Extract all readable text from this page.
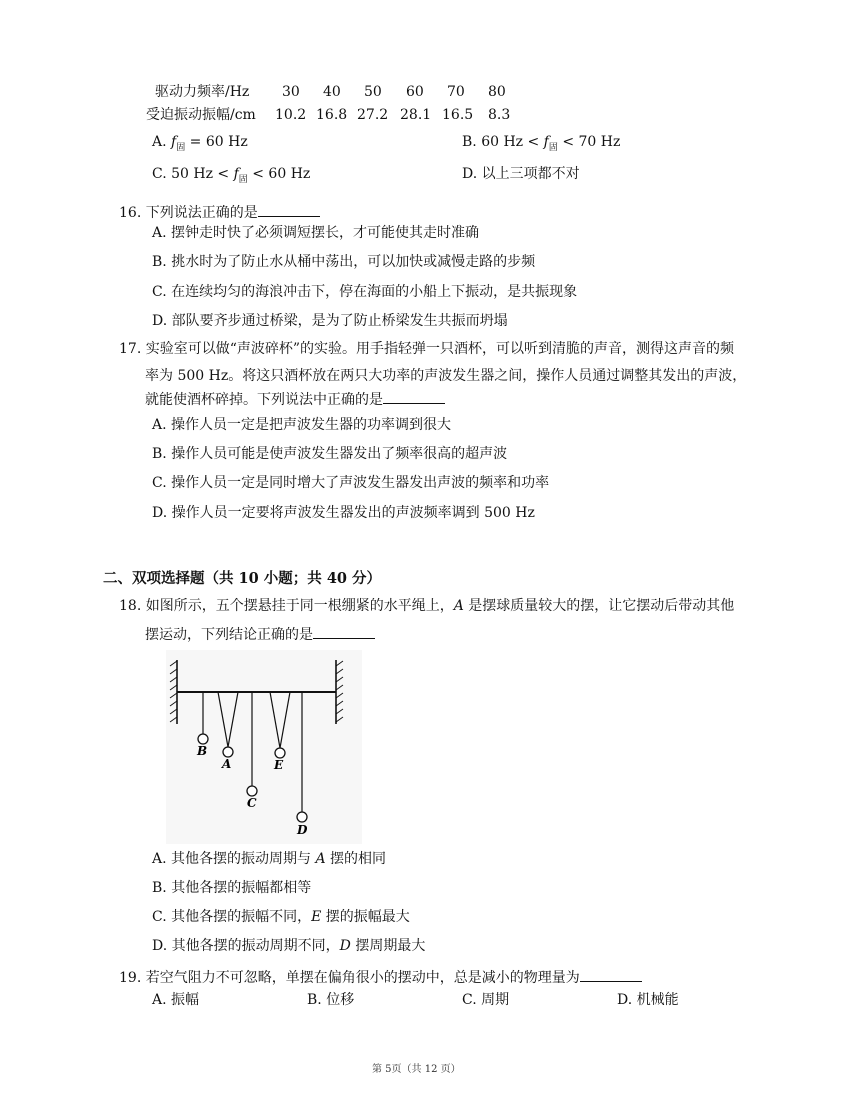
驱动力频率/Hz 30 40 50 60 70 80
受迫振动振幅/cm 10.2 16.8 27.2 28.1 16.5 8.3
A. $f_固 = 60$ Hz	B. 60 $Hz < f_固 < 70$ Hz
C. 50 $Hz < f_固 < 60$ Hz	D. 以上三项都不对
16. 下列说法正确的是
A. 摆钟走时快了必须调短摆长，才可能使其走时准确
B. 挑水时为了防止水从桶中荡出，可以加快或减慢走路的步频
C. 在连续均匀的海浪冲击下，停在海面的小船上下振动，是共振现象
D. 部队要齐步通过桥梁，是为了防止桥梁发生共振而坍塌
17. 实验室可以做“声波碎杯”的实验。用手指轻弹一只酒杯，可以听到清脆的声音，测得这声音的频
率为 500 Hz。将这只酒杯放在两只大功率的声波发生器之间，操作人员通过调整其发出的声波，
就能使酒杯碎掉。下列说法中正确的是
A. 操作人员一定是把声波发生器的功率调到很大
B. 操作人员可能是使声波发生器发出了频率很高的超声波
C. 操作人员一定是同时增大了声波发生器发出声波的频率和功率
D. 操作人员一定要将声波发生器发出的声波频率调到 500 Hz
二、双项选择题（共 10 小题；共 40 分）
18. 如图所示，五个摆悬挂于同一根绷紧的水平绳上，A 是摆球质量较大的摆，让它摆动后带动其他
摆运动，下列结论正确的是
B
A
C
E
D
A. 其他各摆的振动周期与 A 摆的相同
B. 其他各摆的振幅都相等
C. 其他各摆的振幅不同，E 摆的振幅最大
D. 其他各摆的振动周期不同，D 摆周期最大
19. 若空气阻力不可忽略，单摆在偏角很小的摆动中，总是减小的物理量为
A. 振幅	B. 位移	C. 周期	D. 机械能
第 5页（共 12 页）
